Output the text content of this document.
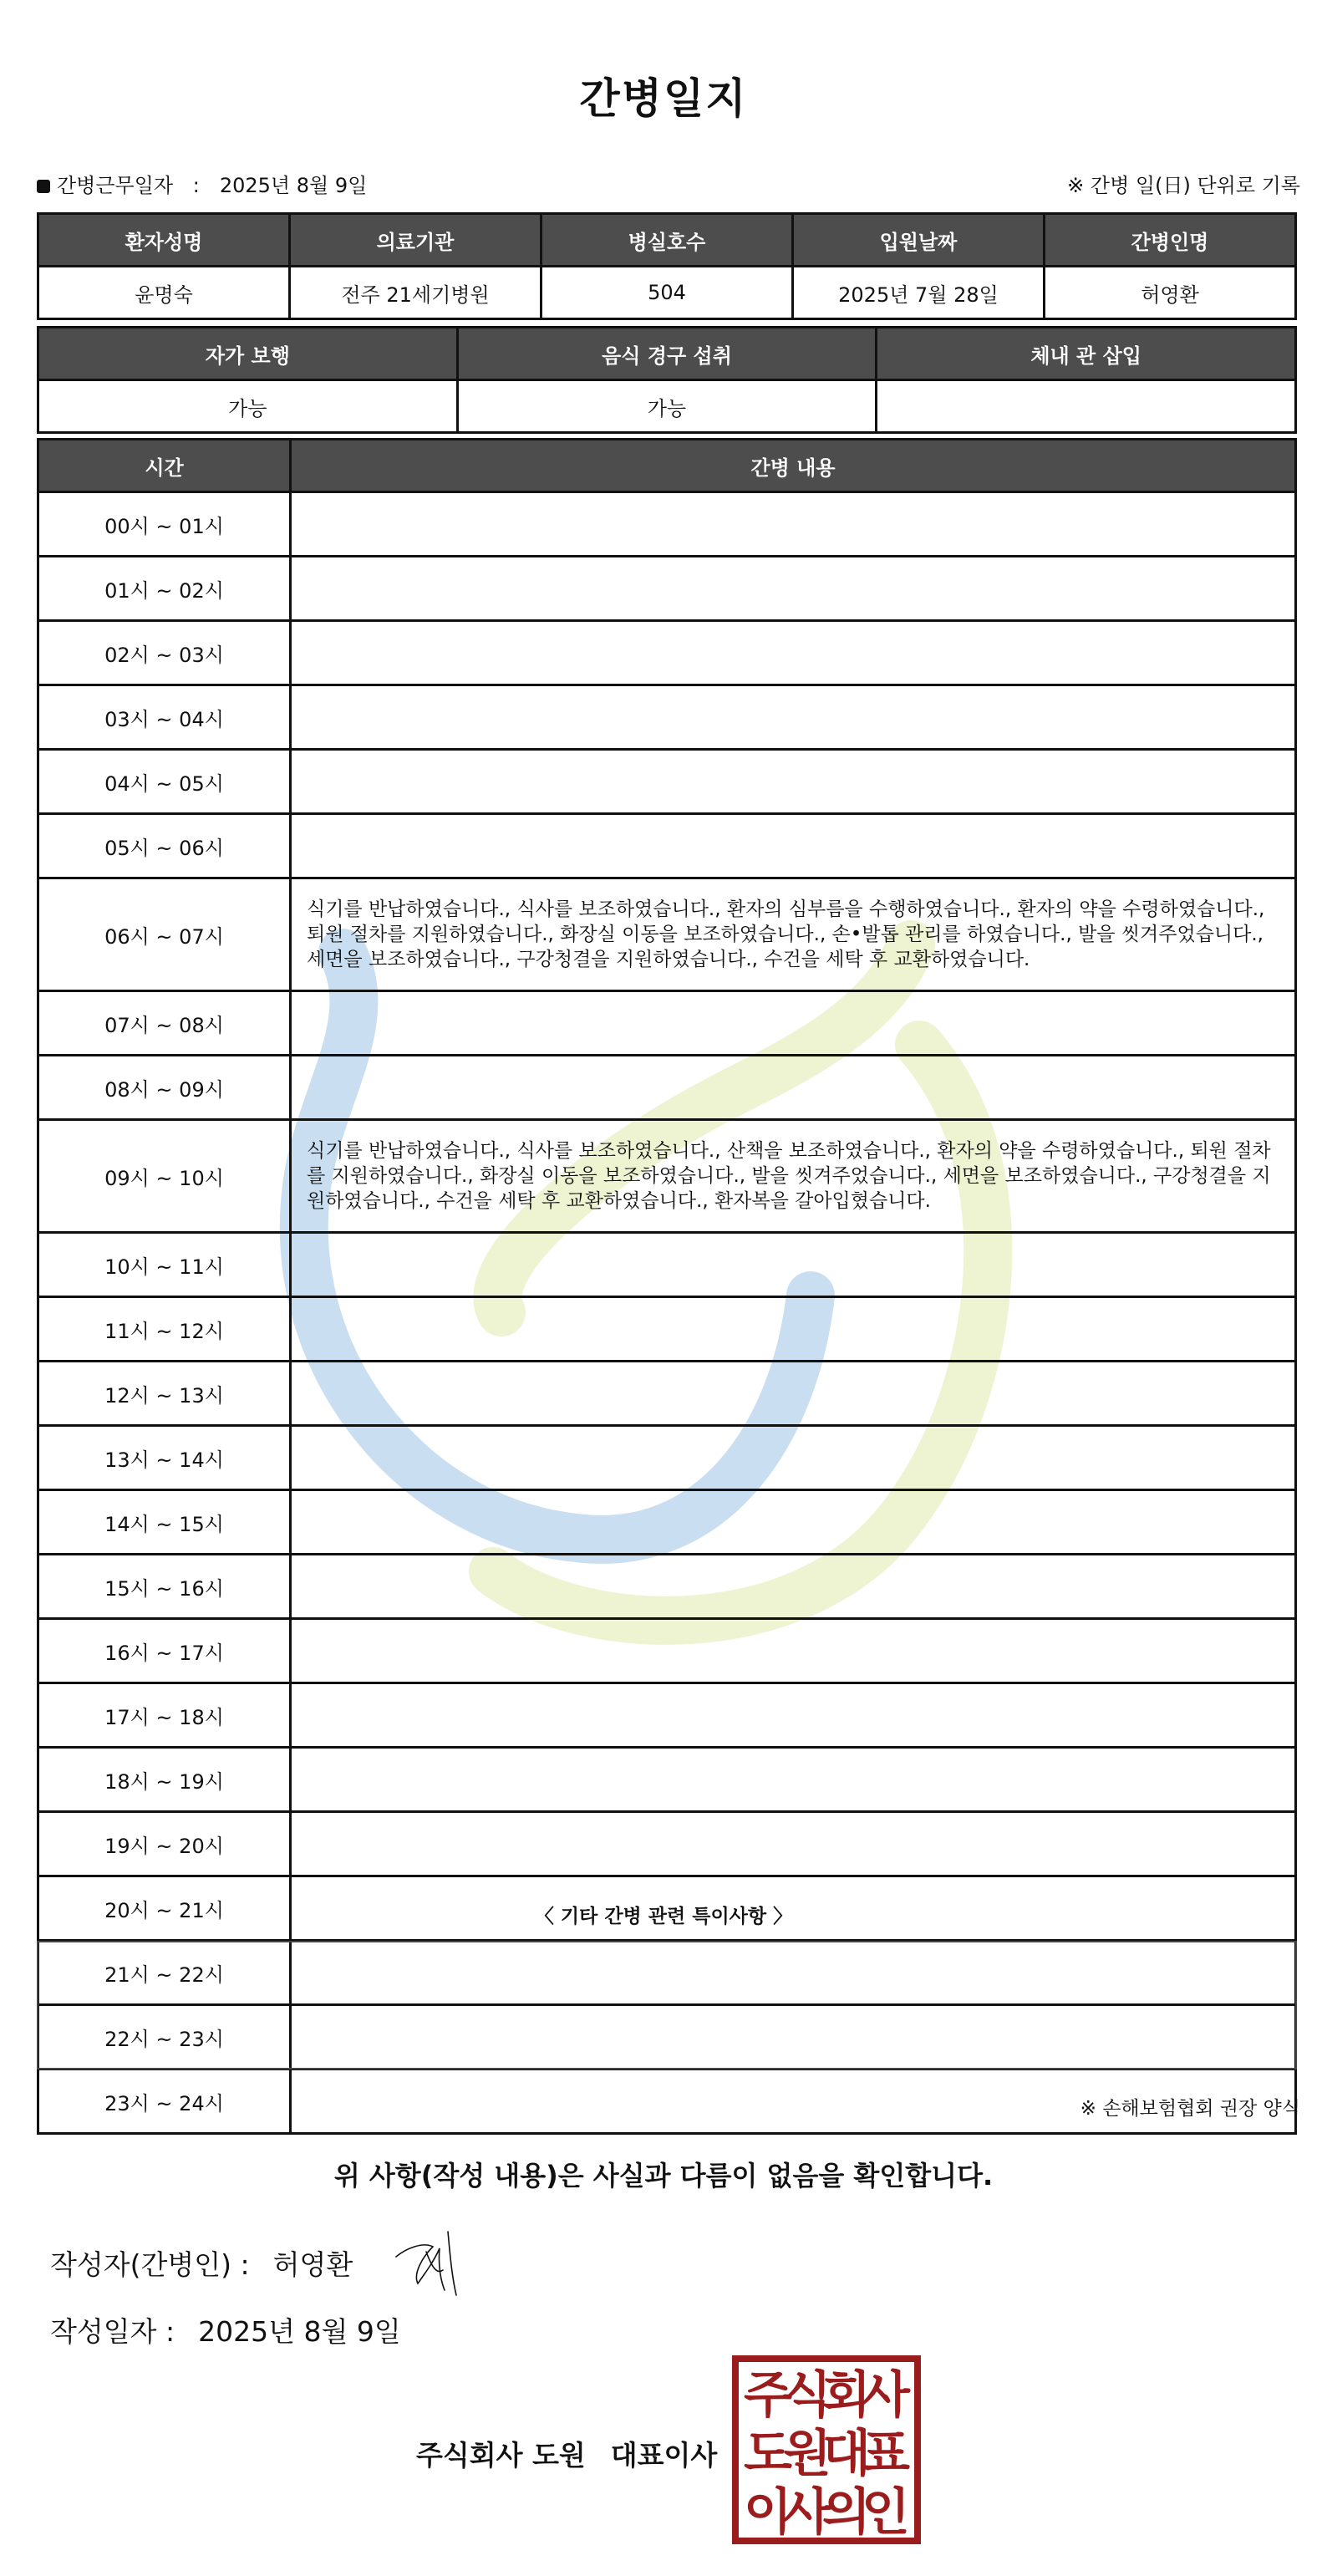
간병일지
간병근무일자 : 2025년 8월 9일	※ 간병 일(日) 단위로 기록
환자성명	의료기관	병실호수	입원날짜	간병인명
윤명숙	전주 21세기병원	504	2025년 7월 28일	허영환
자가 보행	음식 경구 섭취	체내 관 삽입
가능	가능	
시간	간병 내용
00시 ~ 01시	
01시 ~ 02시	
02시 ~ 03시	
03시 ~ 04시	
04시 ~ 05시	
05시 ~ 06시	
06시 ~ 07시	식기를 반납하였습니다., 식사를 보조하였습니다., 환자의 심부름을 수행하였습니다., 환자의 약을 수령하였습니다., 퇴원 절차를 지원하였습니다., 화장실 이동을 보조하였습니다., 손•발톱 관리를 하였습니다., 발을 씻겨주었습니다., 세면을 보조하였습니다., 구강청결을 지원하였습니다., 수건을 세탁 후 교환하였습니다.
07시 ~ 08시	
08시 ~ 09시	
09시 ~ 10시	식기를 반납하였습니다., 식사를 보조하였습니다., 산책을 보조하였습니다., 환자의 약을 수령하였습니다., 퇴원 절차를 지원하였습니다., 화장실 이동을 보조하였습니다., 발을 씻겨주었습니다., 세면을 보조하였습니다., 구강청결을 지원하였습니다., 수건을 세탁 후 교환하였습니다., 환자복을 갈아입혔습니다.
10시 ~ 11시	
11시 ~ 12시	
12시 ~ 13시	
13시 ~ 14시	
14시 ~ 15시	
15시 ~ 16시	
16시 ~ 17시	
17시 ~ 18시	
18시 ~ 19시	
19시 ~ 20시	
20시 ~ 21시	
21시 ~ 22시	
22시 ~ 23시	
23시 ~ 24시	
〈 기타 간병 관련 특이사항 〉
※ 손해보험협회 권장 양식
위 사항(작성 내용)은 사실과 다름이 없음을 확인합니다.
작성자(간병인) : 허영환
작성일자 : 2025년 8월 9일
주식회사 도원 대표이사
주
식
회
사
도
원
대
표
이
사
의
인
